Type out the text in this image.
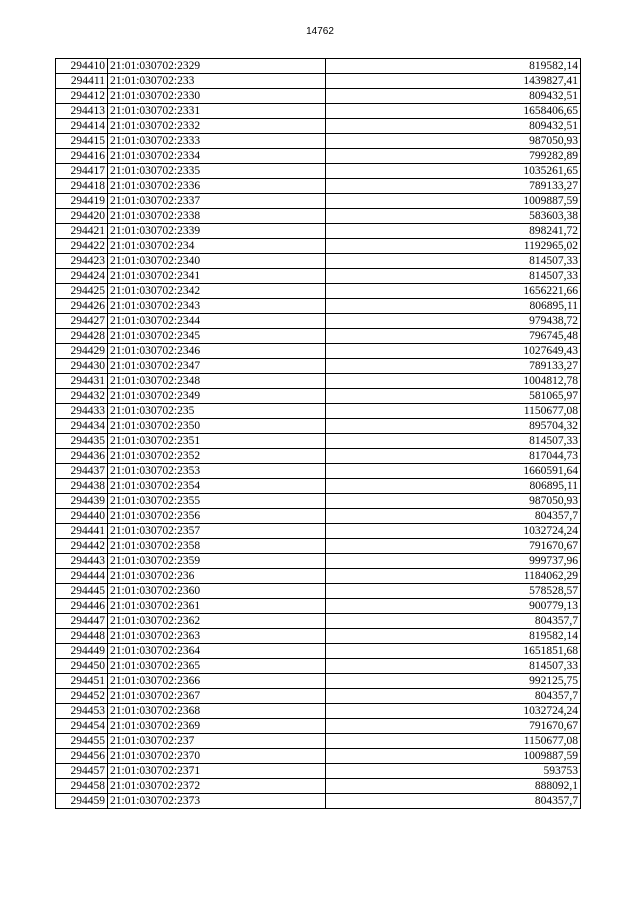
14762
294410	21:01:030702:2329	819582,14
294411	21:01:030702:233	1439827,41
294412	21:01:030702:2330	809432,51
294413	21:01:030702:2331	1658406,65
294414	21:01:030702:2332	809432,51
294415	21:01:030702:2333	987050,93
294416	21:01:030702:2334	799282,89
294417	21:01:030702:2335	1035261,65
294418	21:01:030702:2336	789133,27
294419	21:01:030702:2337	1009887,59
294420	21:01:030702:2338	583603,38
294421	21:01:030702:2339	898241,72
294422	21:01:030702:234	1192965,02
294423	21:01:030702:2340	814507,33
294424	21:01:030702:2341	814507,33
294425	21:01:030702:2342	1656221,66
294426	21:01:030702:2343	806895,11
294427	21:01:030702:2344	979438,72
294428	21:01:030702:2345	796745,48
294429	21:01:030702:2346	1027649,43
294430	21:01:030702:2347	789133,27
294431	21:01:030702:2348	1004812,78
294432	21:01:030702:2349	581065,97
294433	21:01:030702:235	1150677,08
294434	21:01:030702:2350	895704,32
294435	21:01:030702:2351	814507,33
294436	21:01:030702:2352	817044,73
294437	21:01:030702:2353	1660591,64
294438	21:01:030702:2354	806895,11
294439	21:01:030702:2355	987050,93
294440	21:01:030702:2356	804357,7
294441	21:01:030702:2357	1032724,24
294442	21:01:030702:2358	791670,67
294443	21:01:030702:2359	999737,96
294444	21:01:030702:236	1184062,29
294445	21:01:030702:2360	578528,57
294446	21:01:030702:2361	900779,13
294447	21:01:030702:2362	804357,7
294448	21:01:030702:2363	819582,14
294449	21:01:030702:2364	1651851,68
294450	21:01:030702:2365	814507,33
294451	21:01:030702:2366	992125,75
294452	21:01:030702:2367	804357,7
294453	21:01:030702:2368	1032724,24
294454	21:01:030702:2369	791670,67
294455	21:01:030702:237	1150677,08
294456	21:01:030702:2370	1009887,59
294457	21:01:030702:2371	593753
294458	21:01:030702:2372	888092,1
294459	21:01:030702:2373	804357,7
